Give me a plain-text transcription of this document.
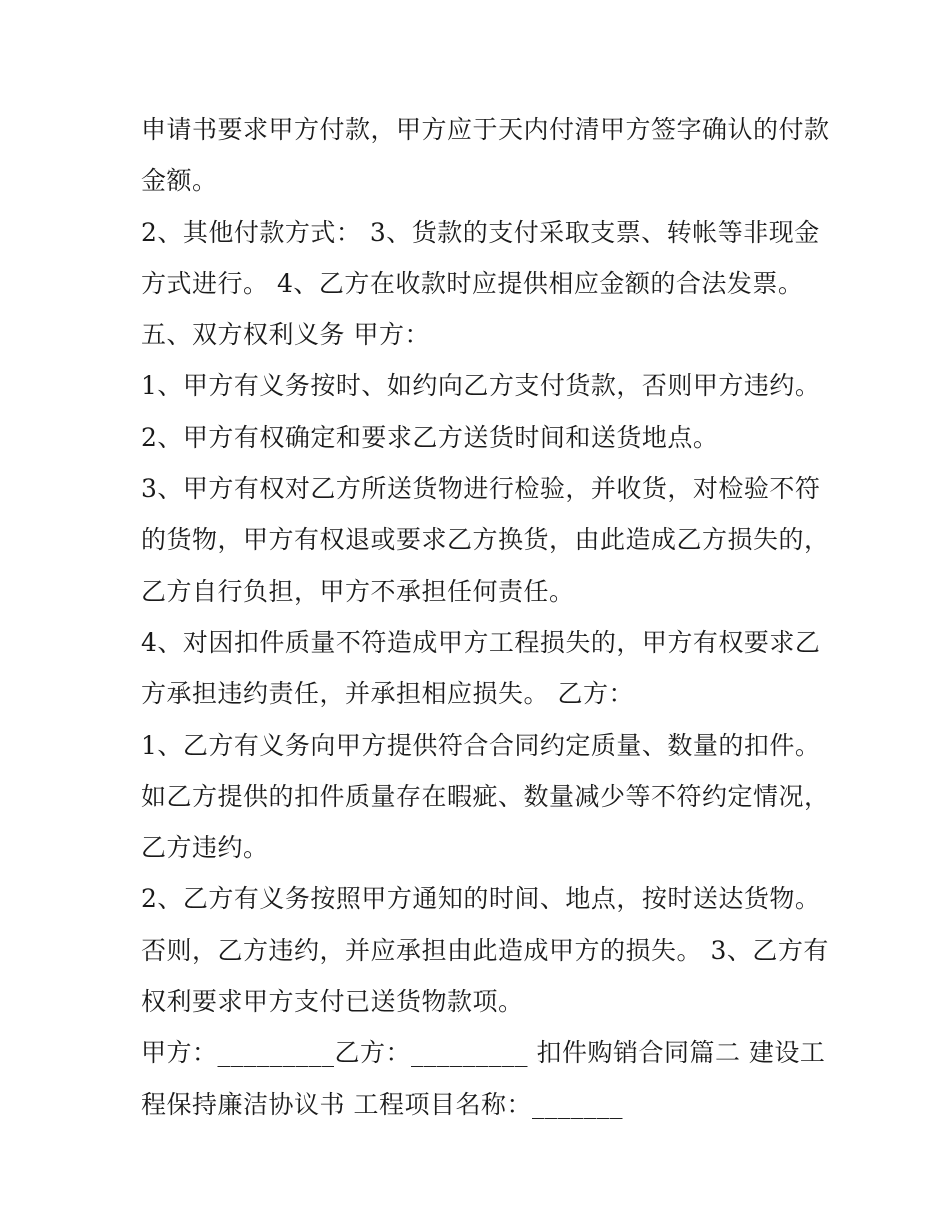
申请书要求甲方付款，甲方应于天内付清甲方签字确认的付款
金额。
2、其他付款方式： 3、货款的支付采取支票、转帐等非现金
方式进行。 4、乙方在收款时应提供相应金额的合法发票。
五、双方权利义务 甲方：
1、甲方有义务按时、如约向乙方支付货款，否则甲方违约。
2、甲方有权确定和要求乙方送货时间和送货地点。
3、甲方有权对乙方所送货物进行检验，并收货，对检验不符
的货物，甲方有权退或要求乙方换货，由此造成乙方损失的，
乙方自行负担，甲方不承担任何责任。
4、对因扣件质量不符造成甲方工程损失的，甲方有权要求乙
方承担违约责任，并承担相应损失。 乙方：
1、乙方有义务向甲方提供符合合同约定质量、数量的扣件。
如乙方提供的扣件质量存在暇疵、数量减少等不符约定情况，
乙方违约。
2、乙方有义务按照甲方通知的时间、地点，按时送达货物。
否则，乙方违约，并应承担由此造成甲方的损失。 3、乙方有
权利要求甲方支付已送货物款项。
甲方：_________乙方：_________ 扣件购销合同篇二 建设工
程保持廉洁协议书 工程项目名称：_______
